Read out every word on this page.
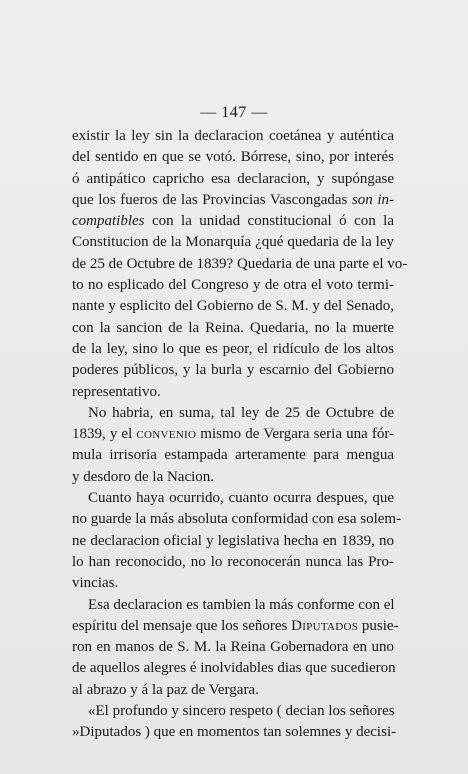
— 147 —
existir la ley sin la declaracion coetánea y auténtica
del sentido en que se votó. Bórrese, sino, por interés
ó antipático capricho esa declaracion, y supóngase
que los fueros de las Provincias Vascongadas son in-
compatibles con la unidad constitucional ó con la
Constitucion de la Monarquía ¿qué quedaria de la ley
de 25 de Octubre de 1839? Quedaria de una parte el vo-
to no esplicado del Congreso y de otra el voto termi-
nante y esplicito del Gobierno de S. M. y del Senado,
con la sancion de la Reina. Quedaria, no la muerte
de la ley, sino lo que es peor, el ridículo de los altos
poderes públicos, y la burla y escarnio del Gobierno
representativo.
No habria, en suma, tal ley de 25 de Octubre de
1839, y el convenio mismo de Vergara seria una fór-
mula irrisoria estampada arteramente para mengua
y desdoro de la Nacion.
Cuanto haya ocurrido, cuanto ocurra despues, que
no guarde la más absoluta conformidad con esa solem-
ne declaracion oficial y legislativa hecha en 1839, no
lo han reconocido, no lo reconocerán nunca las Pro-
vincias.
Esa declaracion es tambien la más conforme con el
espíritu del mensaje que los señores Diputados pusie-
ron en manos de S. M. la Reina Gobernadora en uno
de aquellos alegres é inolvidables dias que sucedieron
al abrazo y á la paz de Vergara.
«El profundo y sincero respeto ( decian los señores
»Diputados ) que en momentos tan solemnes y decisi-
